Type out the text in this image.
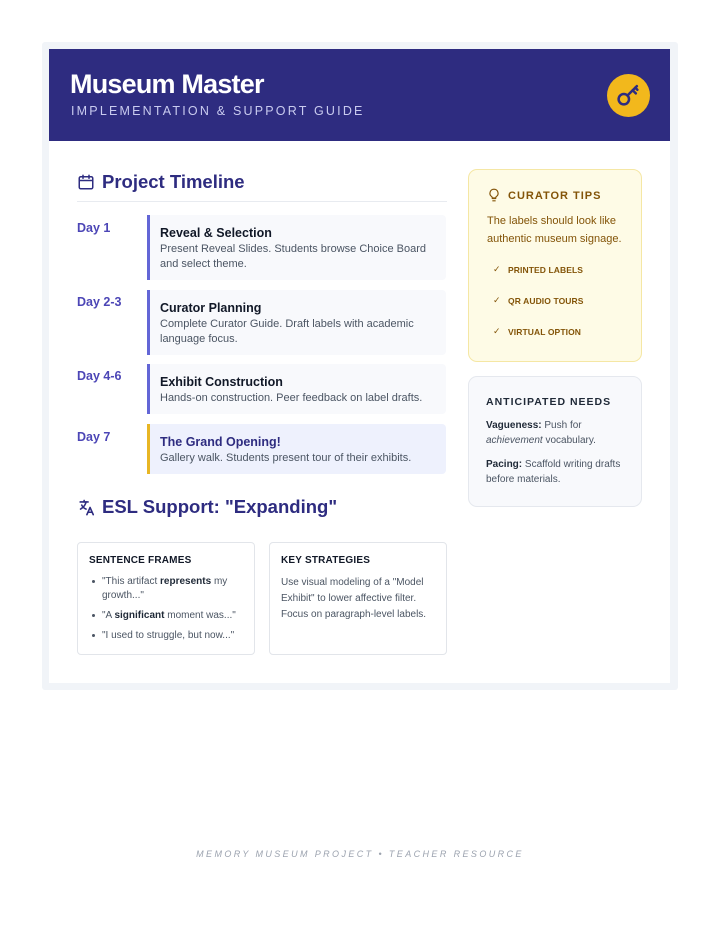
Museum Master
IMPLEMENTATION & SUPPORT GUIDE
Project Timeline
Day 1	Reveal & Selection
Present Reveal Slides. Students browse Choice Board and select theme.
Day 2-3	Curator Planning
Complete Curator Guide. Draft labels with academic language focus.
Day 4-6	Exhibit Construction
Hands-on construction. Peer feedback on label drafts.
Day 7	The Grand Opening!
Gallery walk. Students present tour of their exhibits.
ESL Support: "Expanding"
SENTENCE FRAMES
"This artifact represents my growth..."
"A significant moment was..."
"I used to struggle, but now..."
KEY STRATEGIES
Use visual modeling of a "Model Exhibit" to lower affective filter. Focus on paragraph-level labels.
CURATOR TIPS
The labels should look like authentic museum signage.
✓ PRINTED LABELS
✓ QR AUDIO TOURS
✓ VIRTUAL OPTION
ANTICIPATED NEEDS
Vagueness: Push for achievement vocabulary.
Pacing: Scaffold writing drafts before materials.
MEMORY MUSEUM PROJECT • TEACHER RESOURCE
